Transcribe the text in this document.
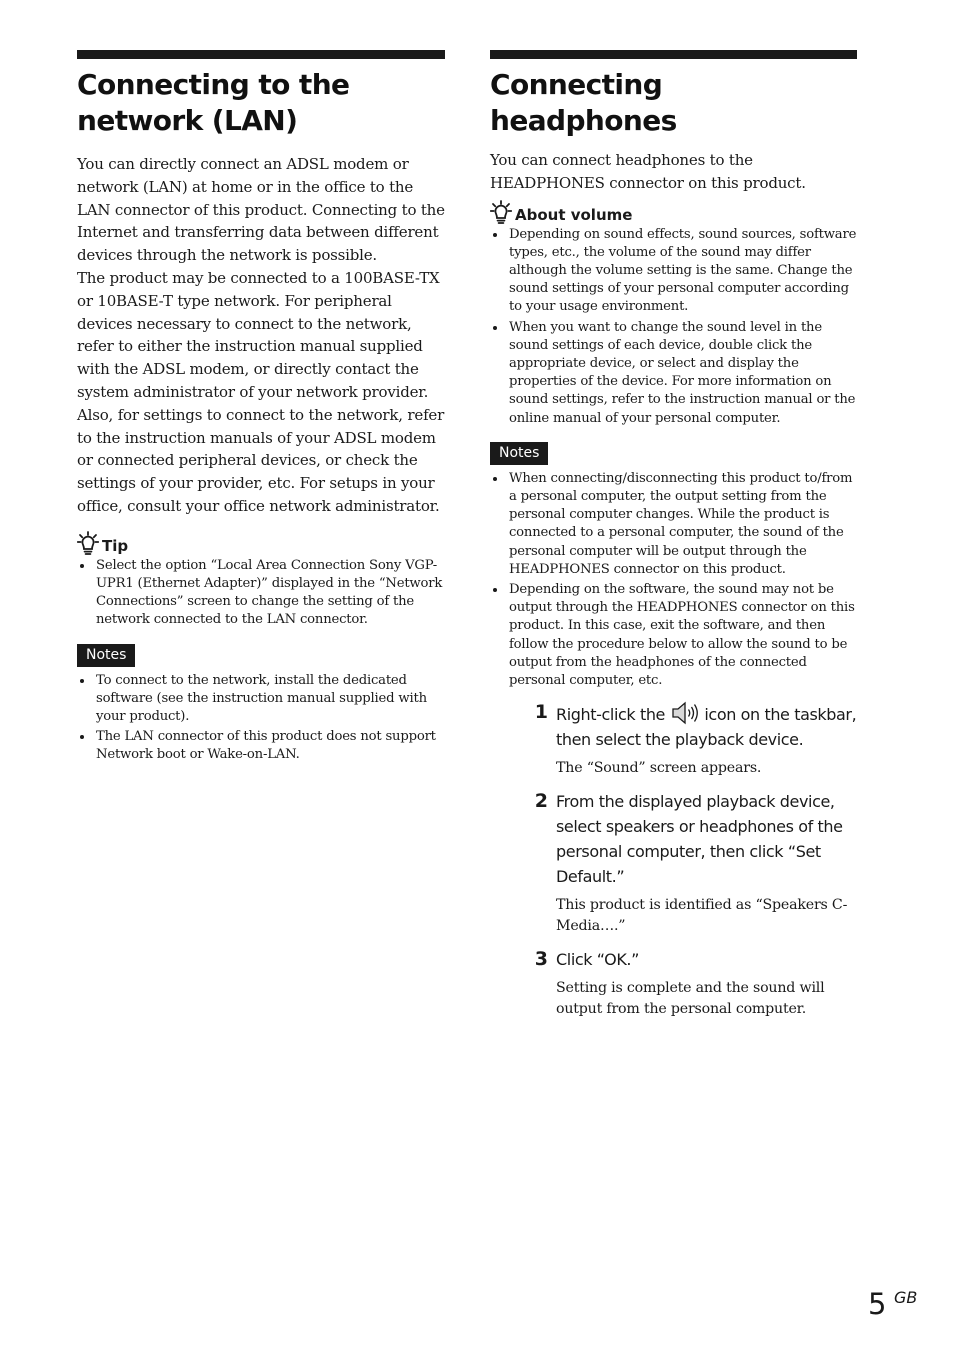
Connecting to the network (LAN)

You can directly connect an ADSL modem or network (LAN) at home or in the office to the LAN connector of this product. Connecting to the Internet and transferring data between different devices through the network is possible.

The product may be connected to a 100BASE-TX or 10BASE-T type network. For peripheral devices necessary to connect to the network, refer to either the instruction manual supplied with the ADSL modem, or directly contact the system administrator of your network provider.

Also, for settings to connect to the network, refer to the instruction manuals of your ADSL modem or connected peripheral devices, or check the settings of your provider, etc. For setups in your office, consult your office network administrator.

Tip
Select the option “Local Area Connection Sony VGP-UPR1 (Ethernet Adapter)” displayed in the “Network Connections” screen to change the setting of the network connected to the LAN connector.
Notes
To connect to the network, install the dedicated software (see the instruction manual supplied with your product).
The LAN connector of this product does not support Network boot or Wake-on-LAN.
Connecting headphones

You can connect headphones to the HEADPHONES connector on this product.

About volume
Depending on sound effects, sound sources, software types, etc., the volume of the sound may differ although the volume setting is the same. Change the sound settings of your personal computer according to your usage environment.
When you want to change the sound level in the sound settings of each device, double click the appropriate device, or select and display the properties of the device. For more information on sound settings, refer to the instruction manual or the online manual of your personal computer.
Notes
When connecting/disconnecting this product to/from a personal computer, the output setting from the personal computer changes. While the product is connected to a personal computer, the sound of the personal computer will be output through the HEADPHONES connector on this product.
Depending on the software, the sound may not be output through the HEADPHONES connector on this product. In this case, exit the software, and then follow the procedure below to allow the sound to be output from the headphones of the connected personal computer, etc.
1 Right-click the  icon on the taskbar, then select the playback device.

The “Sound” screen appears.

2 From the displayed playback device, select speakers or headphones of the personal computer, then click “Set Default.”

This product is identified as “Speakers C-Media….”

3 Click “OK.”

Setting is complete and the sound will output from the personal computer.

5 GB
